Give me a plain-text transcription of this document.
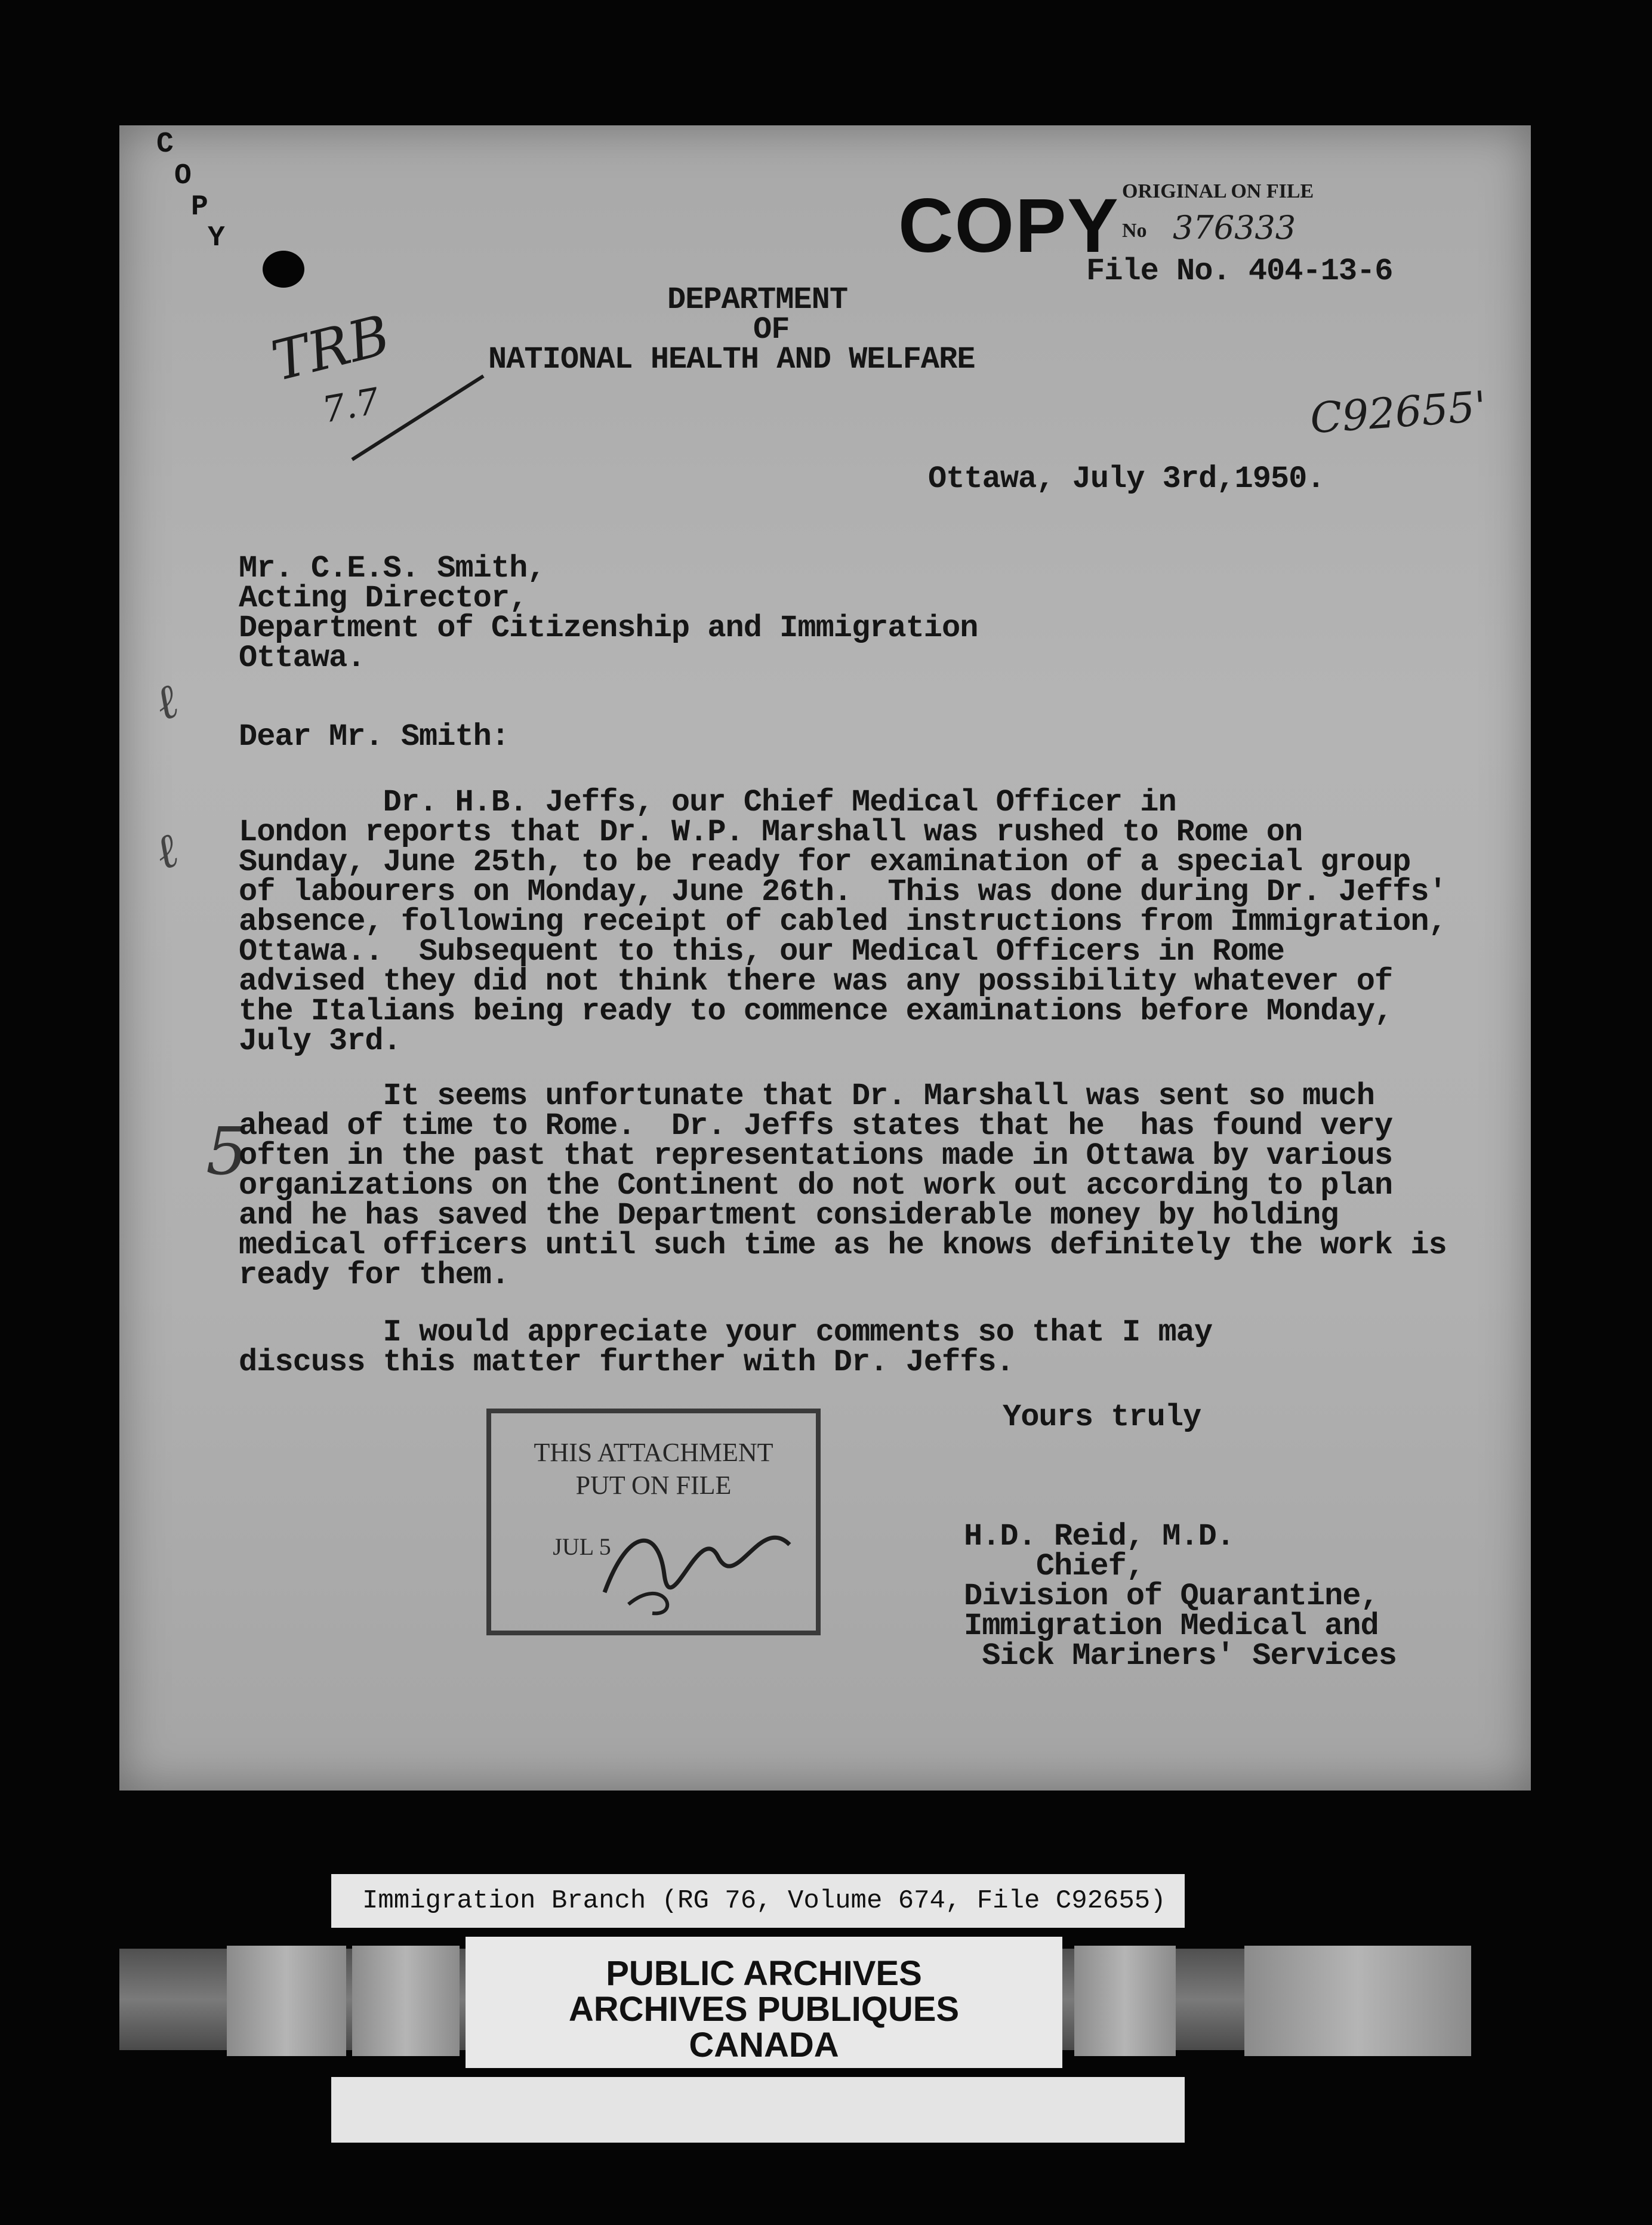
C
O
P
Y	COPY ORIGINAL ON FILE
No 376333
File No. 404-13-6
DEPARTMENT
OF
NATIONAL HEALTH AND WELFARE
TRB
7.7	C92655'
Ottawa, July 3rd,1950.
Mr. C.E.S. Smith,
Acting Director,
Department of Citizenship and Immigration
Ottawa.
ℓ
ℓ
Dear Mr. Smith:
Dr. H.B. Jeffs, our Chief Medical Officer in
London reports that Dr. W.P. Marshall was rushed to Rome on
Sunday, June 25th, to be ready for examination of a special group
of labourers on Monday, June 26th.  This was done during Dr. Jeffs'
absence, following receipt of cabled instructions from Immigration,
Ottawa..  Subsequent to this, our Medical Officers in Rome
advised they did not think there was any possibility whatever of
the Italians being ready to commence examinations before Monday,
July 3rd.
5
It seems unfortunate that Dr. Marshall was sent so much
ahead of time to Rome.  Dr. Jeffs states that he  has found very
often in the past that representations made in Ottawa by various
organizations on the Continent do not work out according to plan
and he has saved the Department considerable money by holding
medical officers until such time as he knows definitely the work is
ready for them.
I would appreciate your comments so that I may
discuss this matter further with Dr. Jeffs.
Yours truly
H.D. Reid, M.D.
Chief,
Division of Quarantine,
Immigration Medical and
Sick Mariners' Services
THIS ATTACHMENT
PUT ON FILE
JUL 5
Immigration Branch (RG 76, Volume 674, File C92655)
PUBLIC ARCHIVES
ARCHIVES PUBLIQUES
CANADA
